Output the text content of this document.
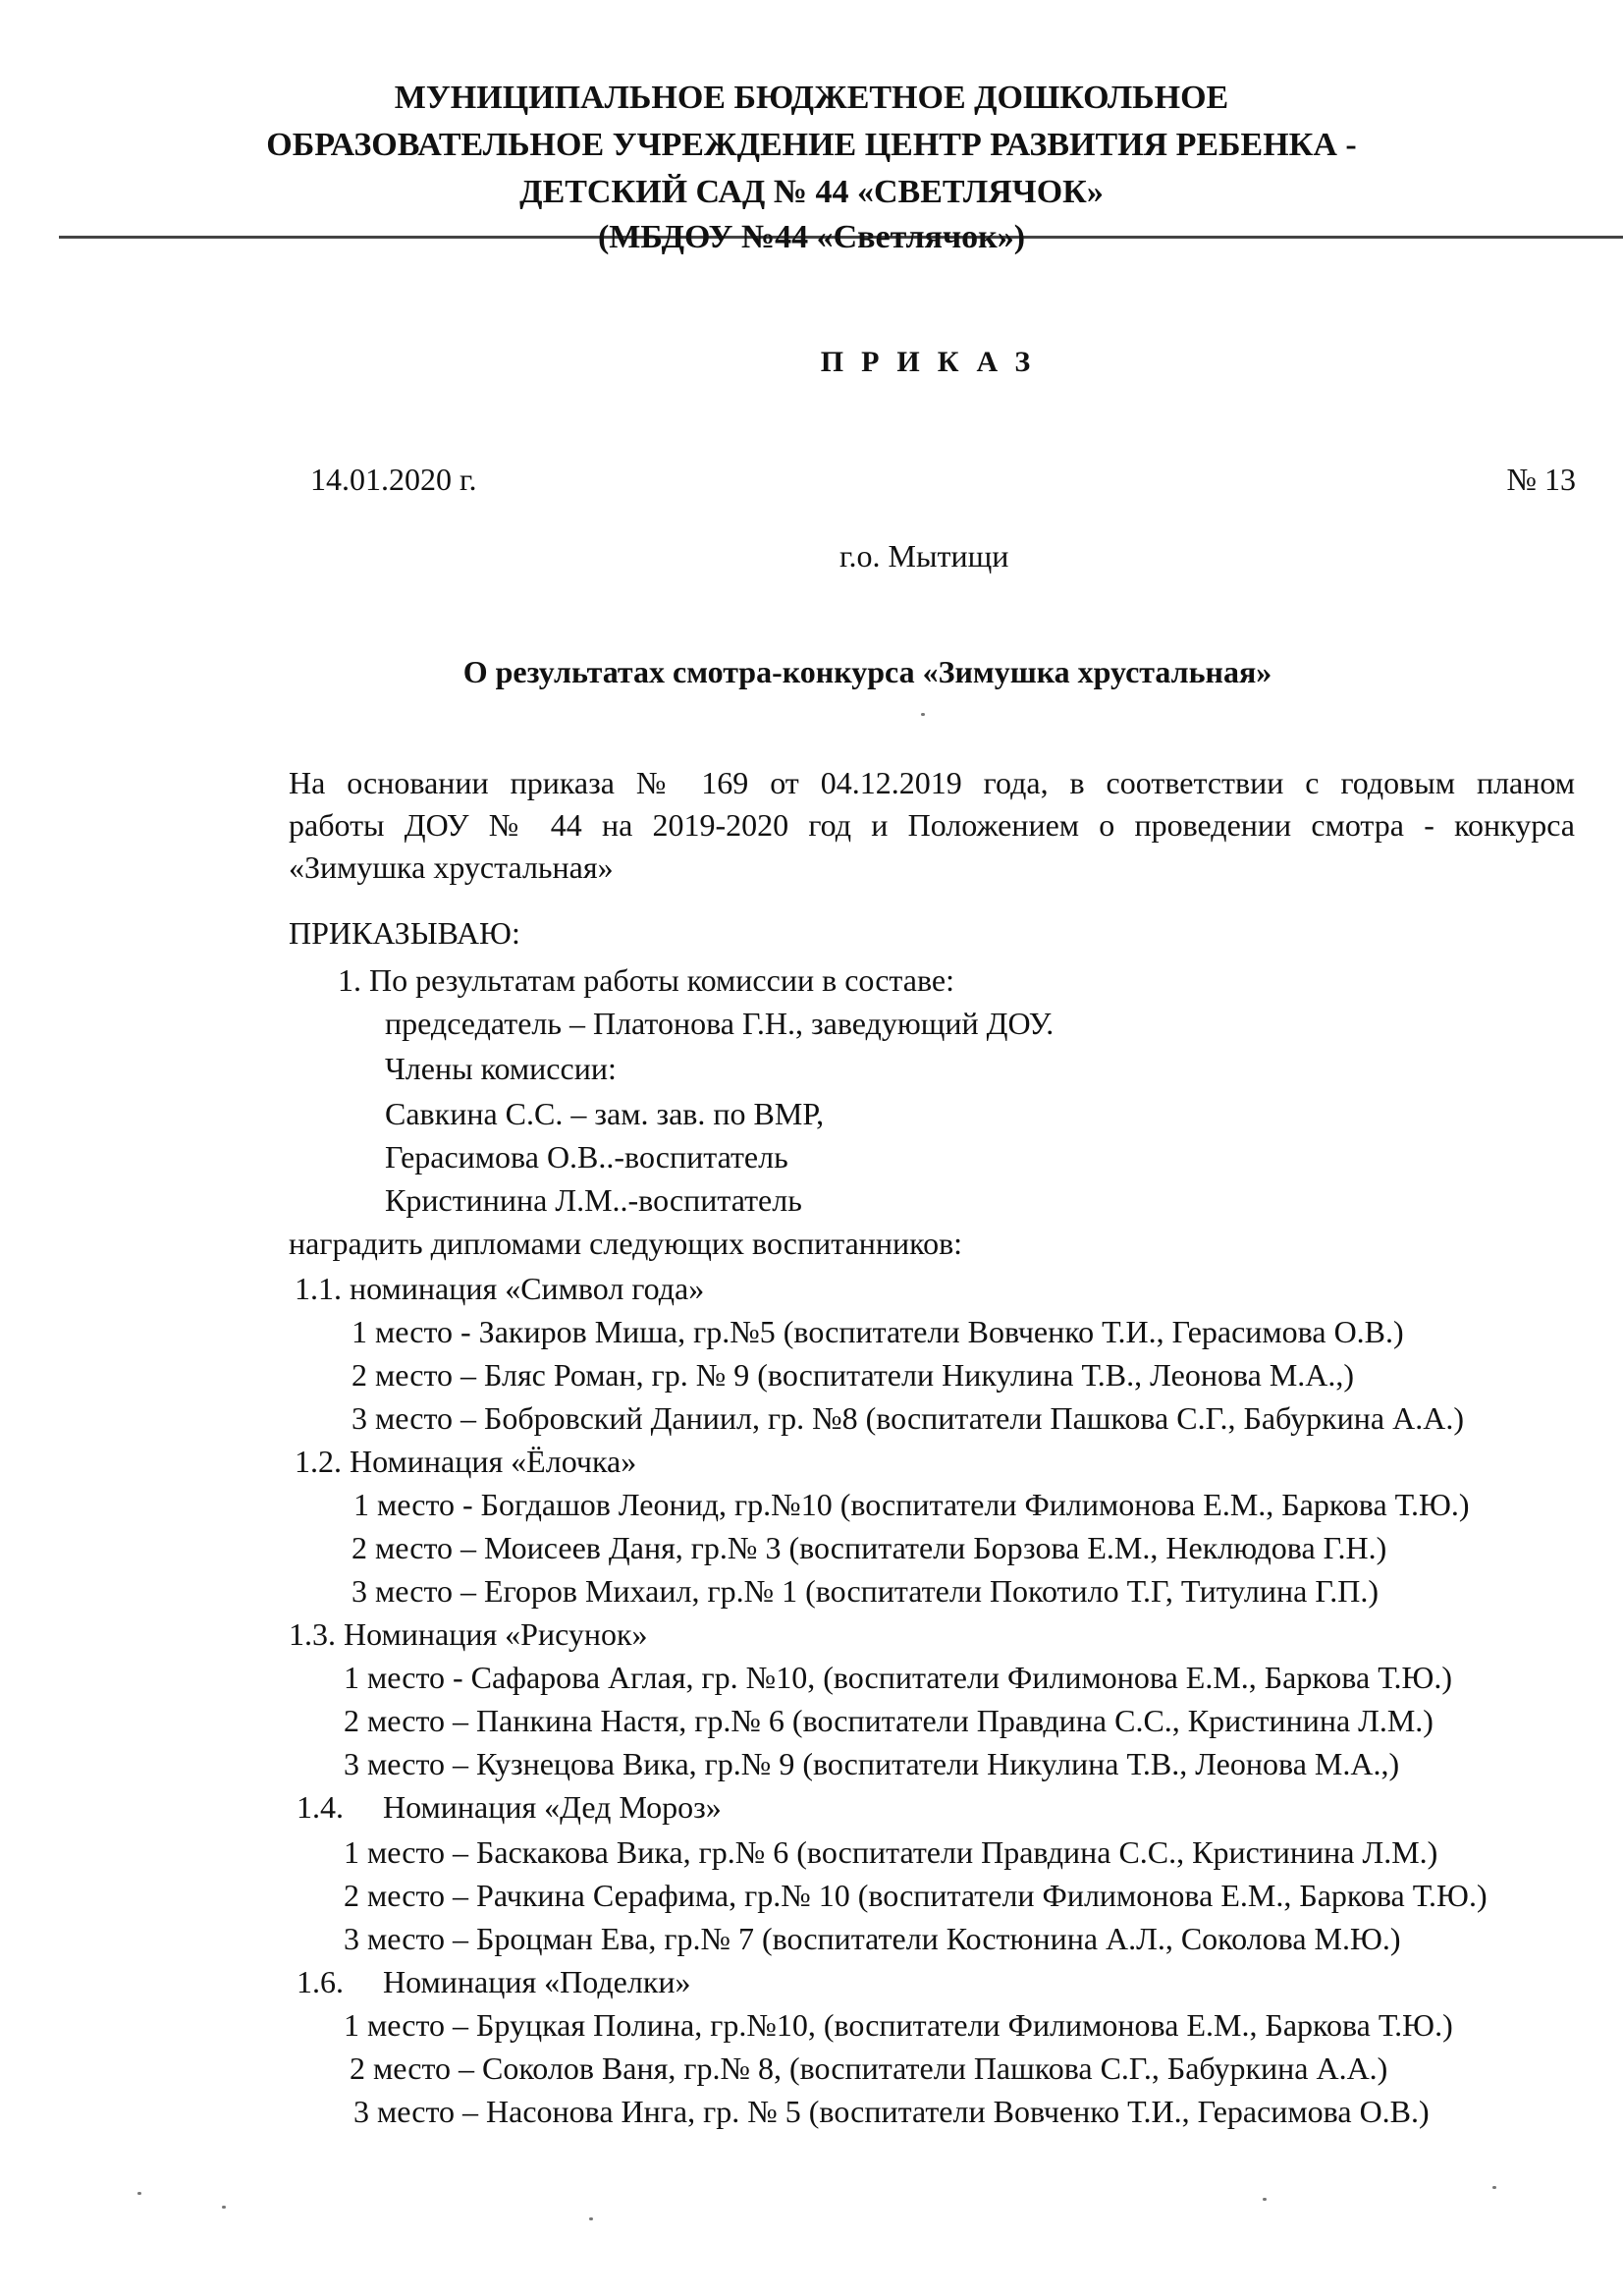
МУНИЦИПАЛЬНОЕ БЮДЖЕТНОЕ ДОШКОЛЬНОЕ
ОБРАЗОВАТЕЛЬНОЕ УЧРЕЖДЕНИЕ ЦЕНТР РАЗВИТИЯ РЕБЕНКА -
ДЕТСКИЙ САД № 44 «СВЕТЛЯЧОК»
(МБДОУ №44 «Светлячок»)
ПРИКАЗ
14.01.2020 г.	№ 13
г.о. Мытищи
О результатах смотра-конкурса «Зимушка хрустальная»

На основании приказа № 169 от 04.12.2019 года, в соответствии с годовым планом

работы ДОУ № 44 на 2019-2020 год и Положением о проведении смотра - конкурса

«Зимушка хрустальная»

ПРИКАЗЫВАЮ:
1. По результатам работы комиссии в составе:
председатель – Платонова Г.Н., заведующий ДОУ.
Члены комиссии:
Савкина С.С. – зам. зав. по ВМР,
Герасимова О.В..-воспитатель
Кристинина Л.М..-воспитатель
наградить дипломами следующих воспитанников:
1.1. номинация «Символ года»
1 место - Закиров Миша, гр.№5 (воспитатели Вовченко Т.И., Герасимова О.В.)
2 место – Бляс Роман, гр. № 9 (воспитатели Никулина Т.В., Леонова М.А.,)
3 место – Бобровский Даниил, гр. №8 (воспитатели Пашкова С.Г., Бабуркина А.А.)
1.2. Номинация «Ёлочка»
1 место - Богдашов Леонид, гр.№10 (воспитатели Филимонова Е.М., Баркова Т.Ю.)
2 место – Моисеев Даня, гр.№ 3 (воспитатели Борзова Е.М., Неклюдова Г.Н.)
3 место – Егоров Михаил, гр.№ 1 (воспитатели Покотило Т.Г, Титулина Г.П.)
1.3. Номинация «Рисунок»
1 место - Сафарова Аглая, гр. №10, (воспитатели Филимонова Е.М., Баркова Т.Ю.)
2 место – Панкина Настя, гр.№ 6 (воспитатели Правдина С.С., Кристинина Л.М.)
3 место – Кузнецова Вика, гр.№ 9 (воспитатели Никулина Т.В., Леонова М.А.,)
1.4.     Номинация «Дед Мороз»
1 место – Баскакова Вика, гр.№ 6 (воспитатели Правдина С.С., Кристинина Л.М.)
2 место – Рачкина Серафима, гр.№ 10 (воспитатели Филимонова Е.М., Баркова Т.Ю.)
3 место – Броцман Ева, гр.№ 7 (воспитатели Костюнина А.Л., Соколова М.Ю.)
1.6.     Номинация «Поделки»
1 место – Бруцкая Полина, гр.№10, (воспитатели Филимонова Е.М., Баркова Т.Ю.)
2 место – Соколов Ваня, гр.№ 8, (воспитатели Пашкова С.Г., Бабуркина А.А.)
3 место – Насонова Инга, гр. № 5 (воспитатели Вовченко Т.И., Герасимова О.В.)
